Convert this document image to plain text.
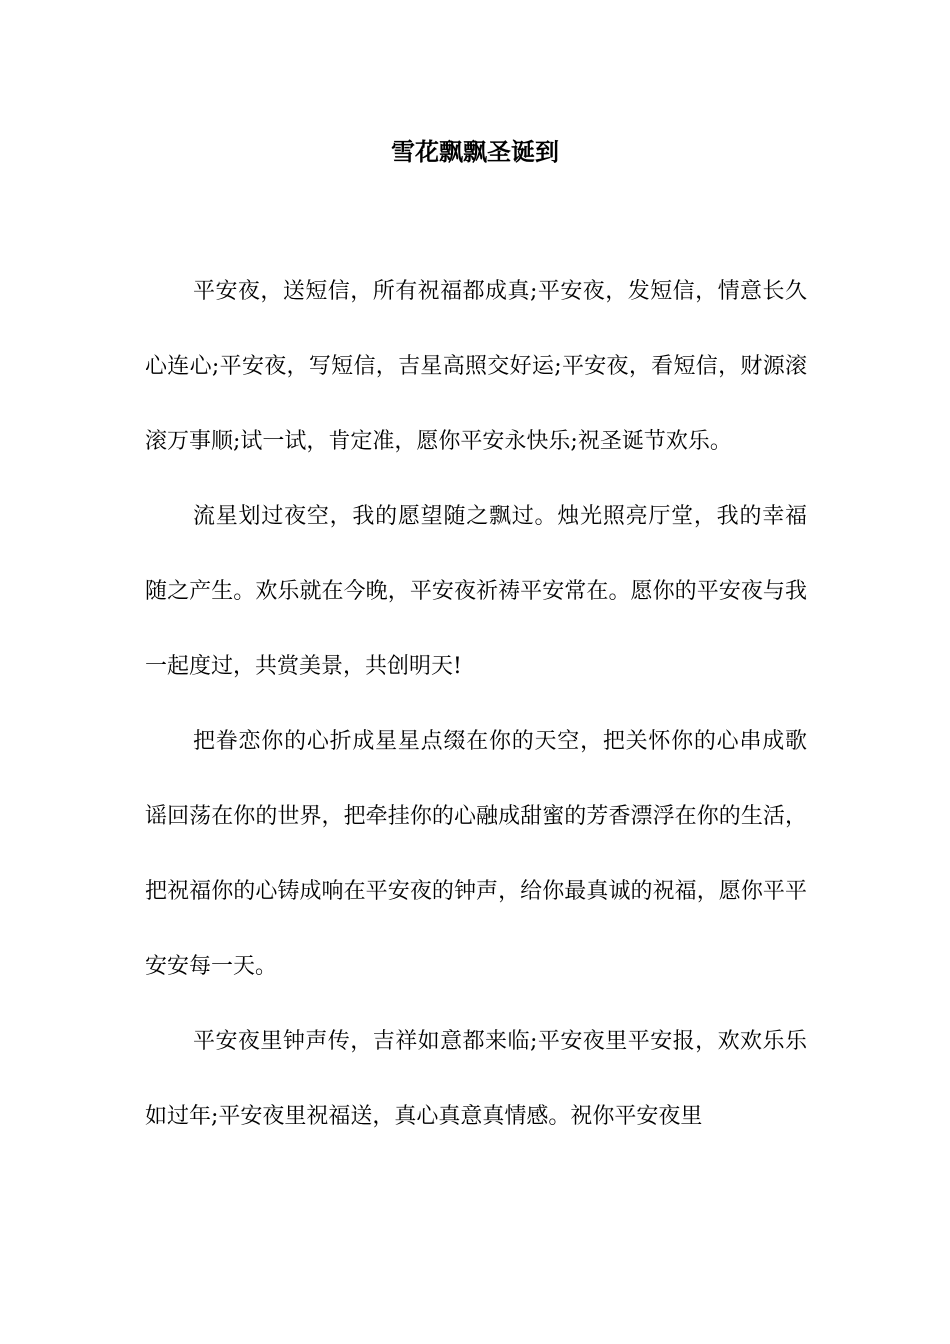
雪花飘飘圣诞到

平安夜，送短信，所有祝福都成真;平安夜，发短信，情意长久心连心;平安夜，写短信，吉星高照交好运;平安夜，看短信，财源滚滚万事顺;试一试，肯定准，愿你平安永快乐;祝圣诞节欢乐。

流星划过夜空，我的愿望随之飘过。烛光照亮厅堂，我的幸福随之产生。欢乐就在今晚，平安夜祈祷平安常在。愿你的平安夜与我一起度过，共赏美景，共创明天!

把眷恋你的心折成星星点缀在你的天空，把关怀你的心串成歌谣回荡在你的世界，把牵挂你的心融成甜蜜的芳香漂浮在你的生活，把祝福你的心铸成响在平安夜的钟声，给你最真诚的祝福，愿你平平安安每一天。

平安夜里钟声传，吉祥如意都来临;平安夜里平安报，欢欢乐乐如过年;平安夜里祝福送，真心真意真情感。祝你平安夜里
